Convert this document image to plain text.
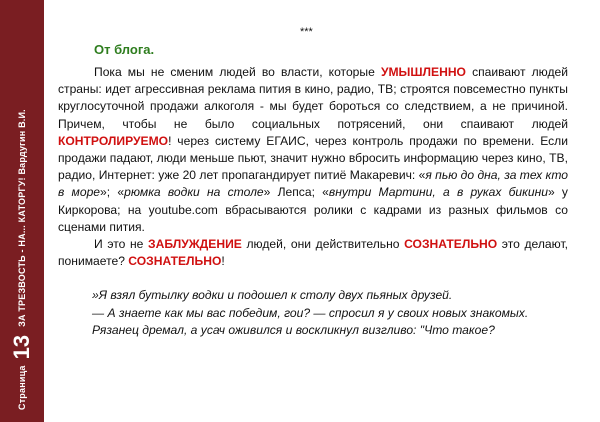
Страница
13
ЗА ТРЕЗВОСТЬ - НА... КАТОРГУ! Вардугин В.И.
***
От блога.

Пока мы не сменим людей во власти, которые УМЫШЛЕННО спаивают людей страны: идет агрессивная реклама пития в кино, радио, ТВ; строятся повсеместно пункты круглосуточной продажи алкоголя - мы будет бороться со следствием, а не причиной. Причем, чтобы не было социальных потрясений, они спаивают людей КОНТРОЛИРУЕМО! через систему ЕГАИС, через контроль продажи по времени. Если продажи падают, люди меньше пьют, значит нужно вбросить информацию через кино, ТВ, радио, Интернет: уже 20 лет пропагандирует питиё Макаревич: «я пью до дна, за тех кто в море»; «рюмка водки на столе» Лепса; «внутри Мартини, а в руках бикини» у Киркорова; на youtube.com вбрасываются ролики с кадрами из разных фильмов со сценами пития.

И это не ЗАБЛУЖДЕНИЕ людей, они действительно СОЗНАТЕЛЬНО это делают, понимаете? СОЗНАТЕЛЬНО!

»Я взял бутылку водки и подошел к столу двух пьяных друзей.

— А знаете как мы вас победим, гои? — спросил я у своих новых знакомых.

Рязанец дремал, а усач оживился и воскликнул визгливо: "Что такое?
